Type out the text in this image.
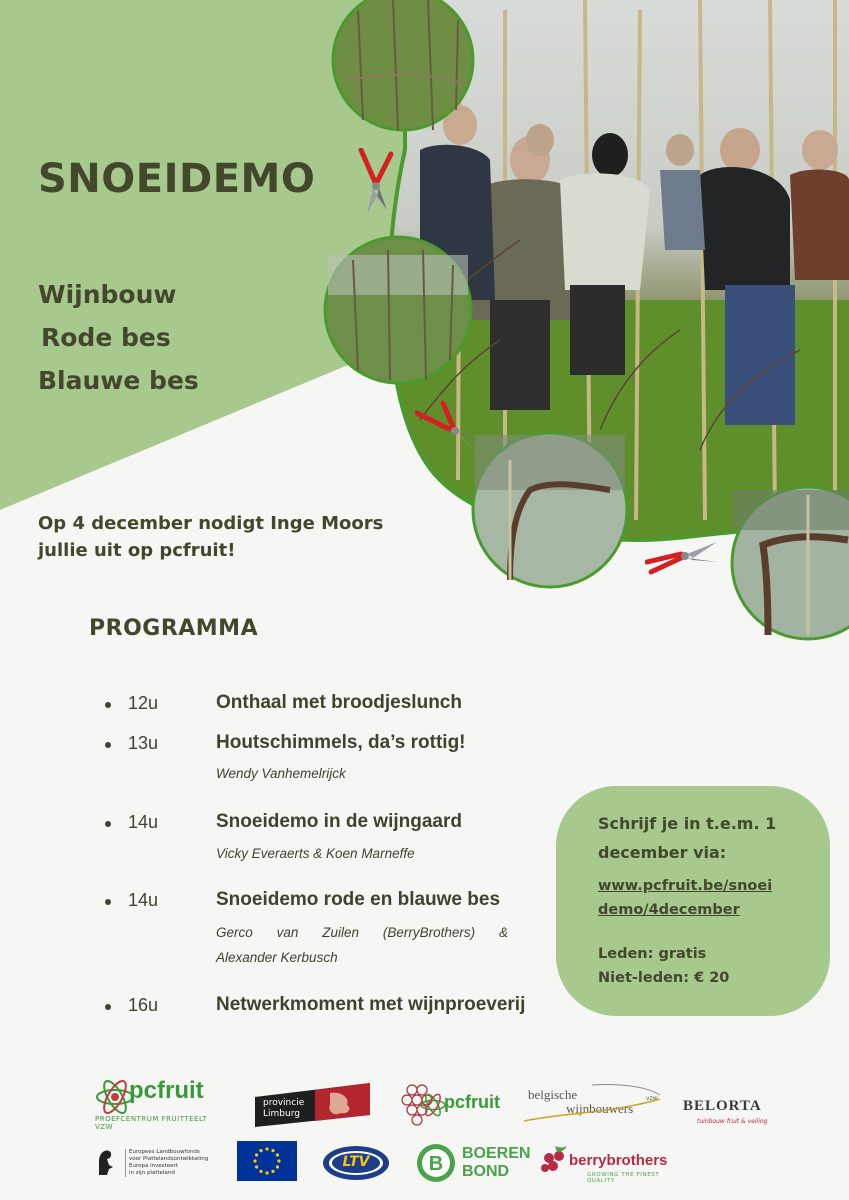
SNOEIDEMO
Wijnbouw
Rode bes
Blauwe bes
Op 4 december nodigt Inge Moors
jullie uit op pcfruit!
PROGRAMMA
12u	Onthaal met broodjeslunch
13u	Houtschimmels, da’s rottig!
Wendy Vanhemelrijck
14u	Snoeidemo in de wijngaard
Vicky Everaerts & Koen Marneffe
14u	Snoeidemo rode en blauwe bes
Gerco van Zuilen (BerryBrothers) &
Alexander Kerbusch
16u	Netwerkmoment met wijnproeverij
Schrijf je in t.e.m. 1
december via:
www.pcfruit.be/snoei
demo/4december
Leden: gratis
Niet-leden: € 20
pcfruit
PROEFCENTRUM FRUITTEELT VZW
provincie
Limburg
pcfruit belgische
wijnbouwers
vzw BELORTA
tuinbouw fruit & veiling
Europees Landbouwfonds
voor Plattelandsontwikkeling
Europa investeert
in zijn platteland
LTV	B BOEREN
BOND
berrybrothers
GROWING THE FINEST QUALITY
